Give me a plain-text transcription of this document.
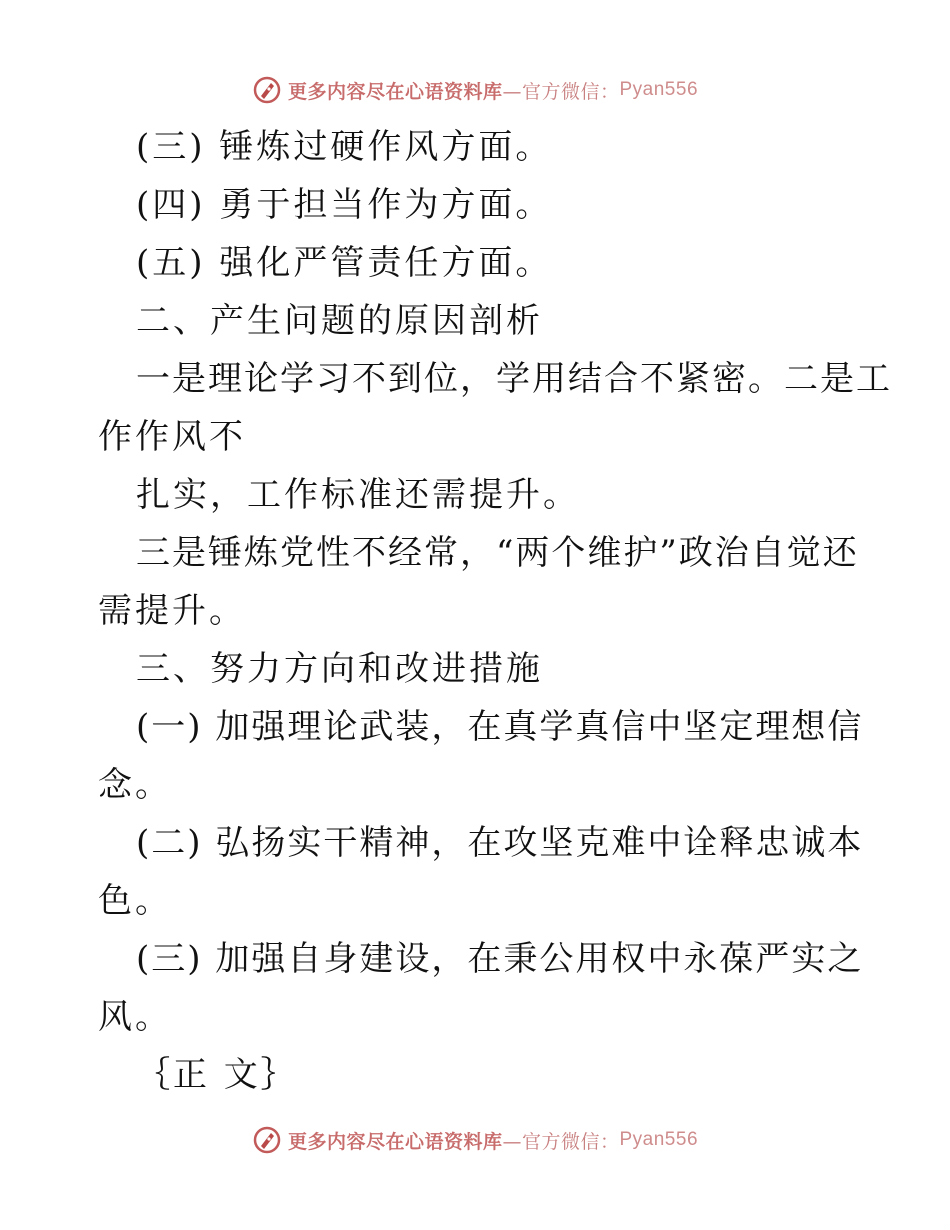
更多内容尽在心语资料库 —官方微信： Pyan556
(三) 锤炼过硬作风方面。
(四) 勇于担当作为方面。
(五) 强化严管责任方面。
二、产生问题的原因剖析
一是理论学习不到位，学用结合不紧密。二是工
作作风不
扎实，工作标准还需提升。
三是锤炼党性不经常，“两个维护”政治自觉还
需提升。
三、努力方向和改进措施
(一) 加强理论武装，在真学真信中坚定理想信
念。
(二) 弘扬实干精神，在攻坚克难中诠释忠诚本
色。
(三) 加强自身建设，在秉公用权中永葆严实之
风。
｛正 文｝
更多内容尽在心语资料库 —官方微信： Pyan556
